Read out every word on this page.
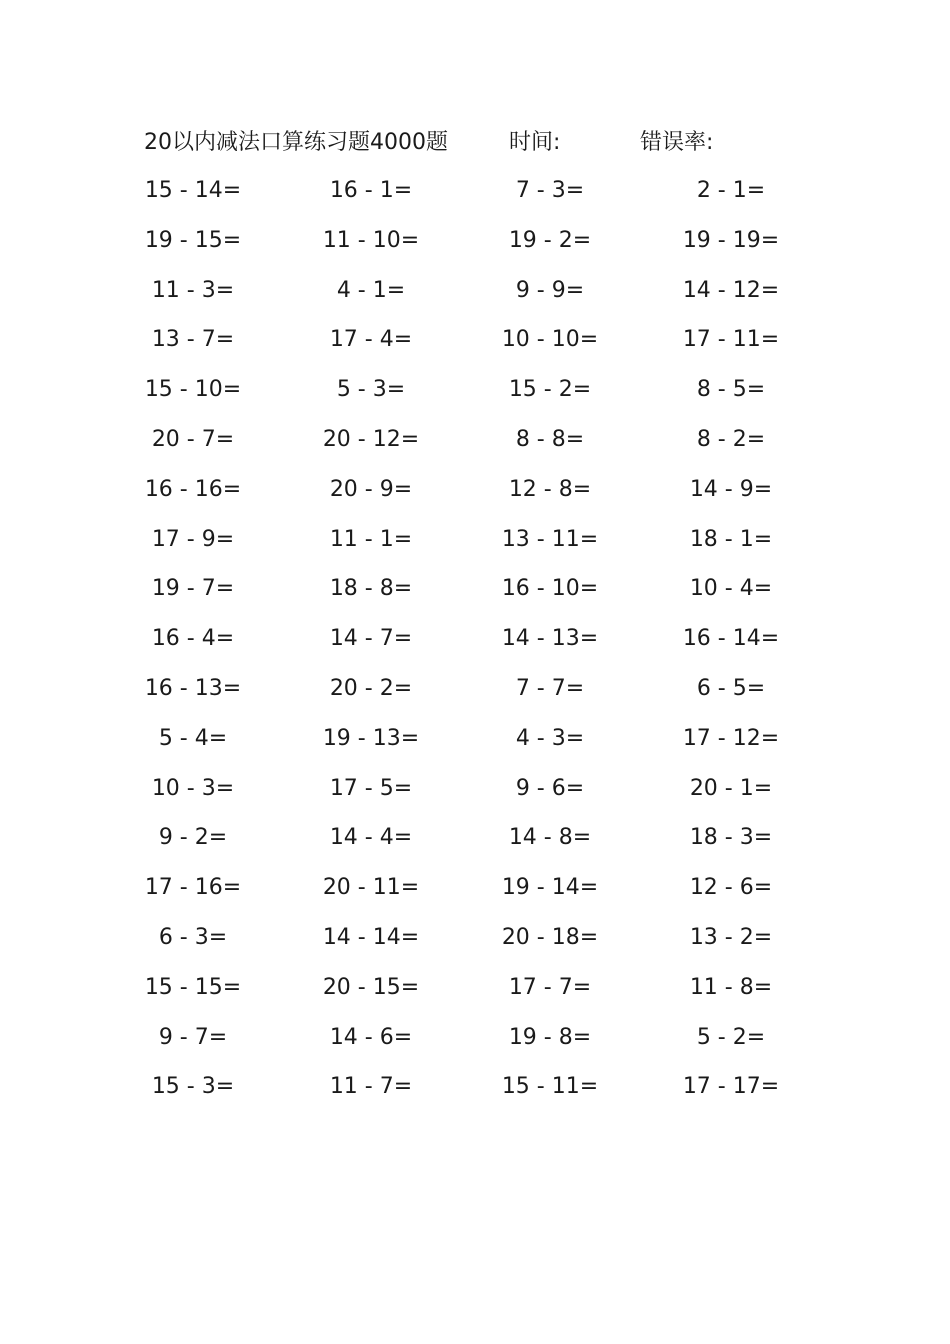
20以内减法口算练习题4000题	时间:	错误率:
15 - 14=	16 - 1=	7 - 3=	2 - 1=
19 - 15=	11 - 10=	19 - 2=	19 - 19=
11 - 3=	4 - 1=	9 - 9=	14 - 12=
13 - 7=	17 - 4=	10 - 10=	17 - 11=
15 - 10=	5 - 3=	15 - 2=	8 - 5=
20 - 7=	20 - 12=	8 - 8=	8 - 2=
16 - 16=	20 - 9=	12 - 8=	14 - 9=
17 - 9=	11 - 1=	13 - 11=	18 - 1=
19 - 7=	18 - 8=	16 - 10=	10 - 4=
16 - 4=	14 - 7=	14 - 13=	16 - 14=
16 - 13=	20 - 2=	7 - 7=	6 - 5=
5 - 4=	19 - 13=	4 - 3=	17 - 12=
10 - 3=	17 - 5=	9 - 6=	20 - 1=
9 - 2=	14 - 4=	14 - 8=	18 - 3=
17 - 16=	20 - 11=	19 - 14=	12 - 6=
6 - 3=	14 - 14=	20 - 18=	13 - 2=
15 - 15=	20 - 15=	17 - 7=	11 - 8=
9 - 7=	14 - 6=	19 - 8=	5 - 2=
15 - 3=	11 - 7=	15 - 11=	17 - 17=
